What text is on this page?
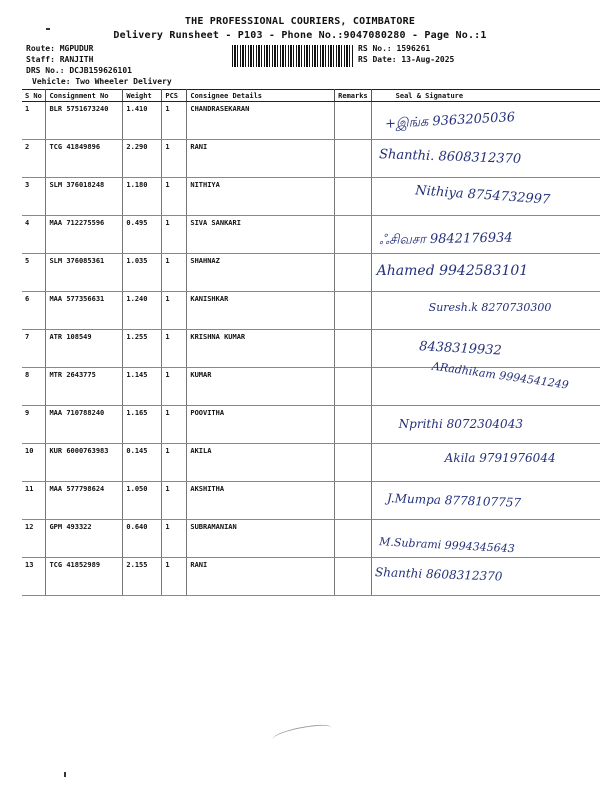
THE PROFESSIONAL COURIERS, COIMBATORE
Delivery Runsheet - P103 - Phone No.:9047080280 - Page No.:1
Route: MGPUDUR
Staff: RANJITH
DRS No.: DCJB159626101
Vehicle: Two Wheeler Delivery
RS No.: 1596261
RS Date: 13-Aug-2025
S No	Consignment No	Weight	PCS	Consignee Details	Remarks	Seal & Signature
1	BLR 5751673240	1.410	1	CHANDRASEKARAN		+இங்க 9363205036

2	TCG 41849896	2.290	1	RANI		Shanthi. 8608312370

3	SLM 376018248	1.180	1	NITHIYA		Nithiya 8754732997

4	MAA 712275596	0.495	1	SIVA SANKARI		ஃசிவசா 9842176934

5	SLM 376085361	1.035	1	SHAHNAZ		Ahamed 9942583101

6	MAA 577356631	1.240	1	KANISHKAR		Suresh.k 8270730300

7	ATR 108549	1.255	1	KRISHNA KUMAR		8438319932

8	MTR 2643775	1.145	1	KUMAR		ARadhikam 9994541249

9	MAA 710788240	1.165	1	POOVITHA		Nprithi 8072304043

10	KUR 6000763983	0.145	1	AKILA		Akila 9791976044

11	MAA 577798624	1.050	1	AKSHITHA		J.Mumpa 8778107757

12	GPM 493322	0.640	1	SUBRAMANIAN		M.Subrami 9994345643

13	TCG 41852989	2.155	1	RANI		Shanthi 8608312370
